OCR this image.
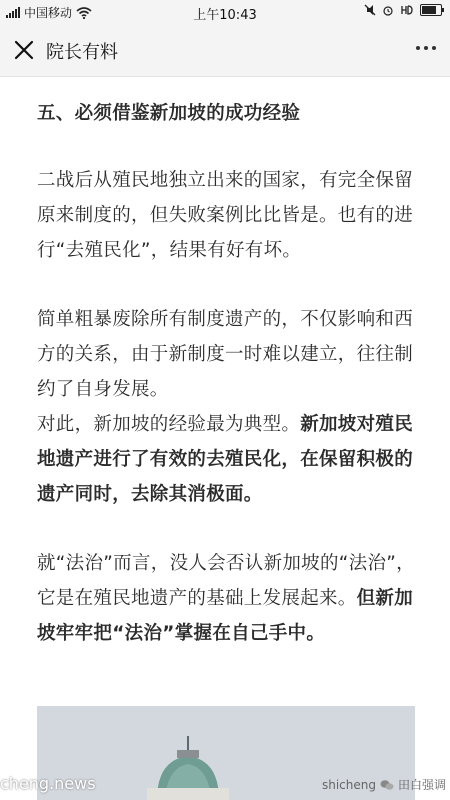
中国移动	上午10:43
院长有料

五、必须借鉴新加坡的成功经验

二战后从殖民地独立出来的国家，有完全保留原来制度的，但失败案例比比皆是。也有的进行“去殖民化”，结果有好有坏。

简单粗暴废除所有制度遗产的，不仅影响和西方的关系，由于新制度一时难以建立，往往制约了自身发展。

对此，新加坡的经验最为典型。新加坡对殖民地遗产进行了有效的去殖民化，在保留积极的遗产同时，去除其消极面。

就“法治”而言，没人会否认新加坡的“法治”，它是在殖民地遗产的基础上发展起来。但新加坡牢牢把“法治”掌握在自己手中。

cheng.news	shicheng 田白强调
